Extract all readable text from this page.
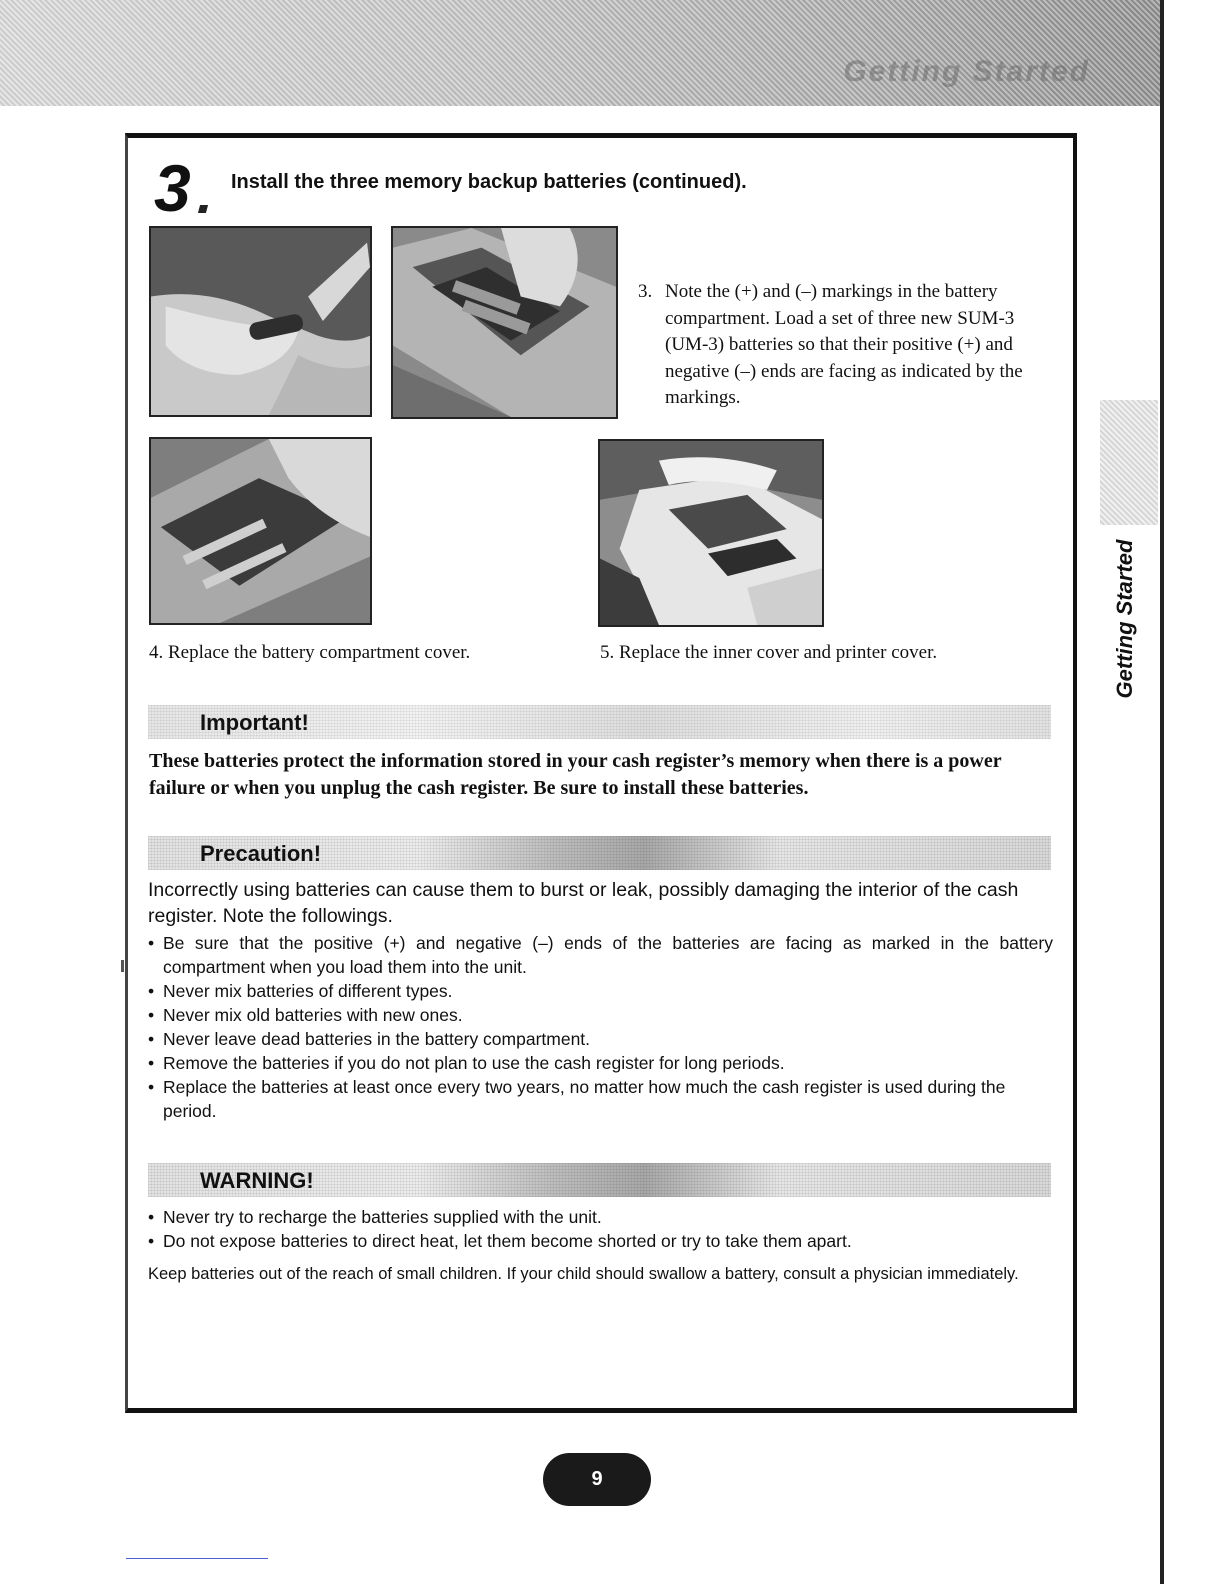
Getting Started
Getting Started
3 Install the three memory backup batteries (continued).
3. Note the (+) and (–) markings in the battery compartment. Load a set of three new SUM-3 (UM-3) batteries so that their positive (+) and negative (–) ends are facing as indicated by the markings.
4. Replace the battery compartment cover.	5. Replace the inner cover and printer cover.
Important!
These batteries protect the information stored in your cash register’s memory when there is a power failure or when you unplug the cash register. Be sure to install these batteries.
Precaution!
Incorrectly using batteries can cause them to burst or leak, possibly damaging the interior of the cash register. Note the followings.
• Be sure that the positive (+) and negative (–) ends of the batteries are facing as marked in the battery compartment when you load them into the unit.
• Never mix batteries of different types.
• Never mix old batteries with new ones.
• Never leave dead batteries in the battery compartment.
• Remove the batteries if you do not plan to use the cash register for long periods.
• Replace the batteries at least once every two years, no matter how much the cash register is used during the period.
WARNING!
• Never try to recharge the batteries supplied with the unit.
• Do not expose batteries to direct heat, let them become shorted or try to take them apart.
Keep batteries out of the reach of small children. If your child should swallow a battery, consult a physician immediately.
9
